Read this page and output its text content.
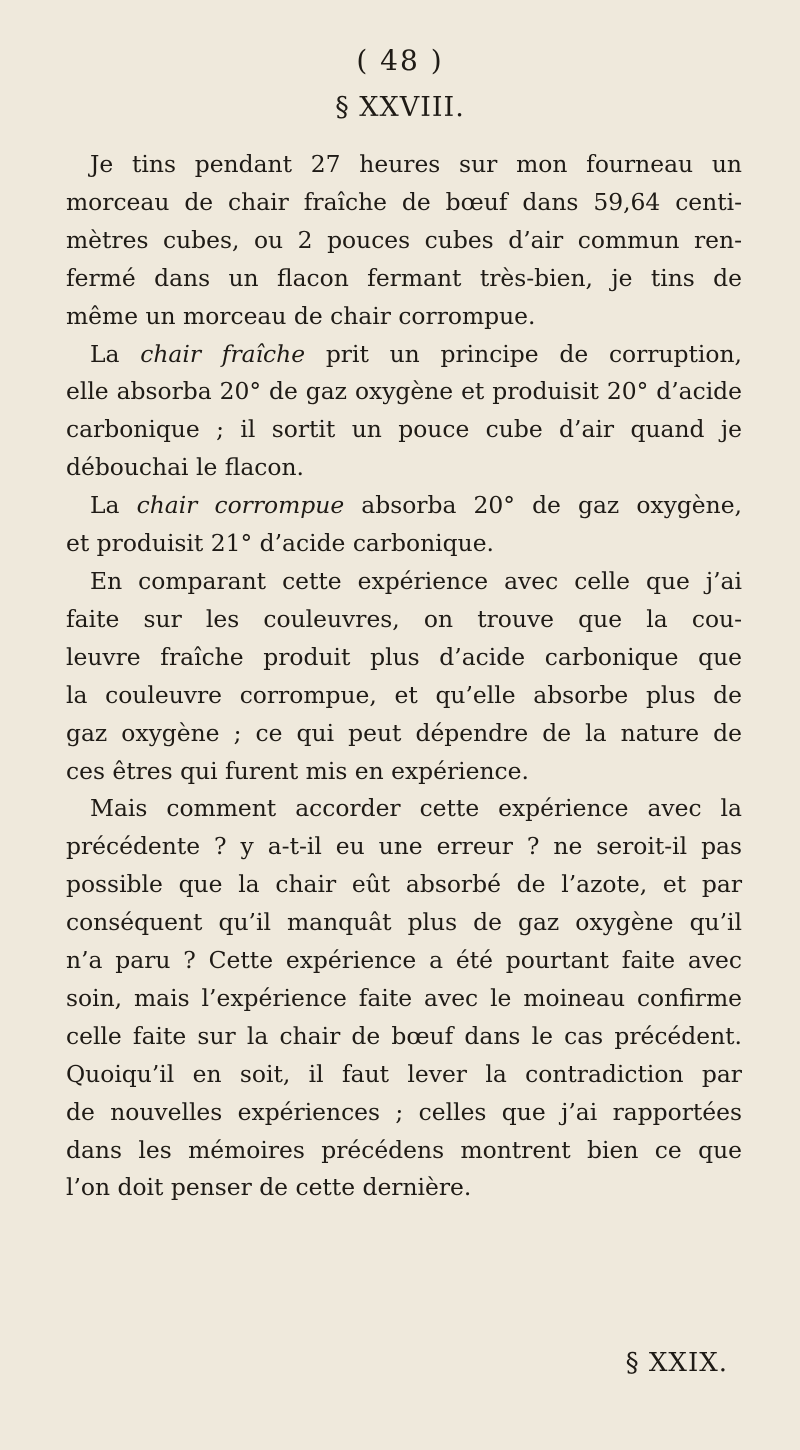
( 48 )
§ XXVIII.
Je tins pendant 27 heures sur mon fourneau un
morceau de chair fraîche de bœuf dans 59,64 centi-
mètres cubes, ou 2 pouces cubes d’air commun ren-
fermé dans un flacon fermant très-bien, je tins de
même un morceau de chair corrompue.
La chair fraîche prit un principe de corruption,
elle absorba 20° de gaz oxygène et produisit 20° d’acide
carbonique ; il sortit un pouce cube d’air quand je
débouchai le flacon.
La chair corrompue absorba 20° de gaz oxygène,
et produisit 21° d’acide carbonique.
En comparant cette expérience avec celle que j’ai
faite sur les couleuvres, on trouve que la cou-
leuvre fraîche produit plus d’acide carbonique que
la couleuvre corrompue, et qu’elle absorbe plus de
gaz oxygène ; ce qui peut dépendre de la nature de
ces êtres qui furent mis en expérience.
Mais comment accorder cette expérience avec la
précédente ? y a-t-il eu une erreur ? ne seroit-il pas
possible que la chair eût absorbé de l’azote, et par
conséquent qu’il manquât plus de gaz oxygène qu’il
n’a paru ? Cette expérience a été pourtant faite avec
soin, mais l’expérience faite avec le moineau confirme
celle faite sur la chair de bœuf dans le cas précédent.
Quoiqu’il en soit, il faut lever la contradiction par
de nouvelles expériences ; celles que j’ai rapportées
dans les mémoires précédens montrent bien ce que
l’on doit penser de cette dernière.
§ XXIX.
